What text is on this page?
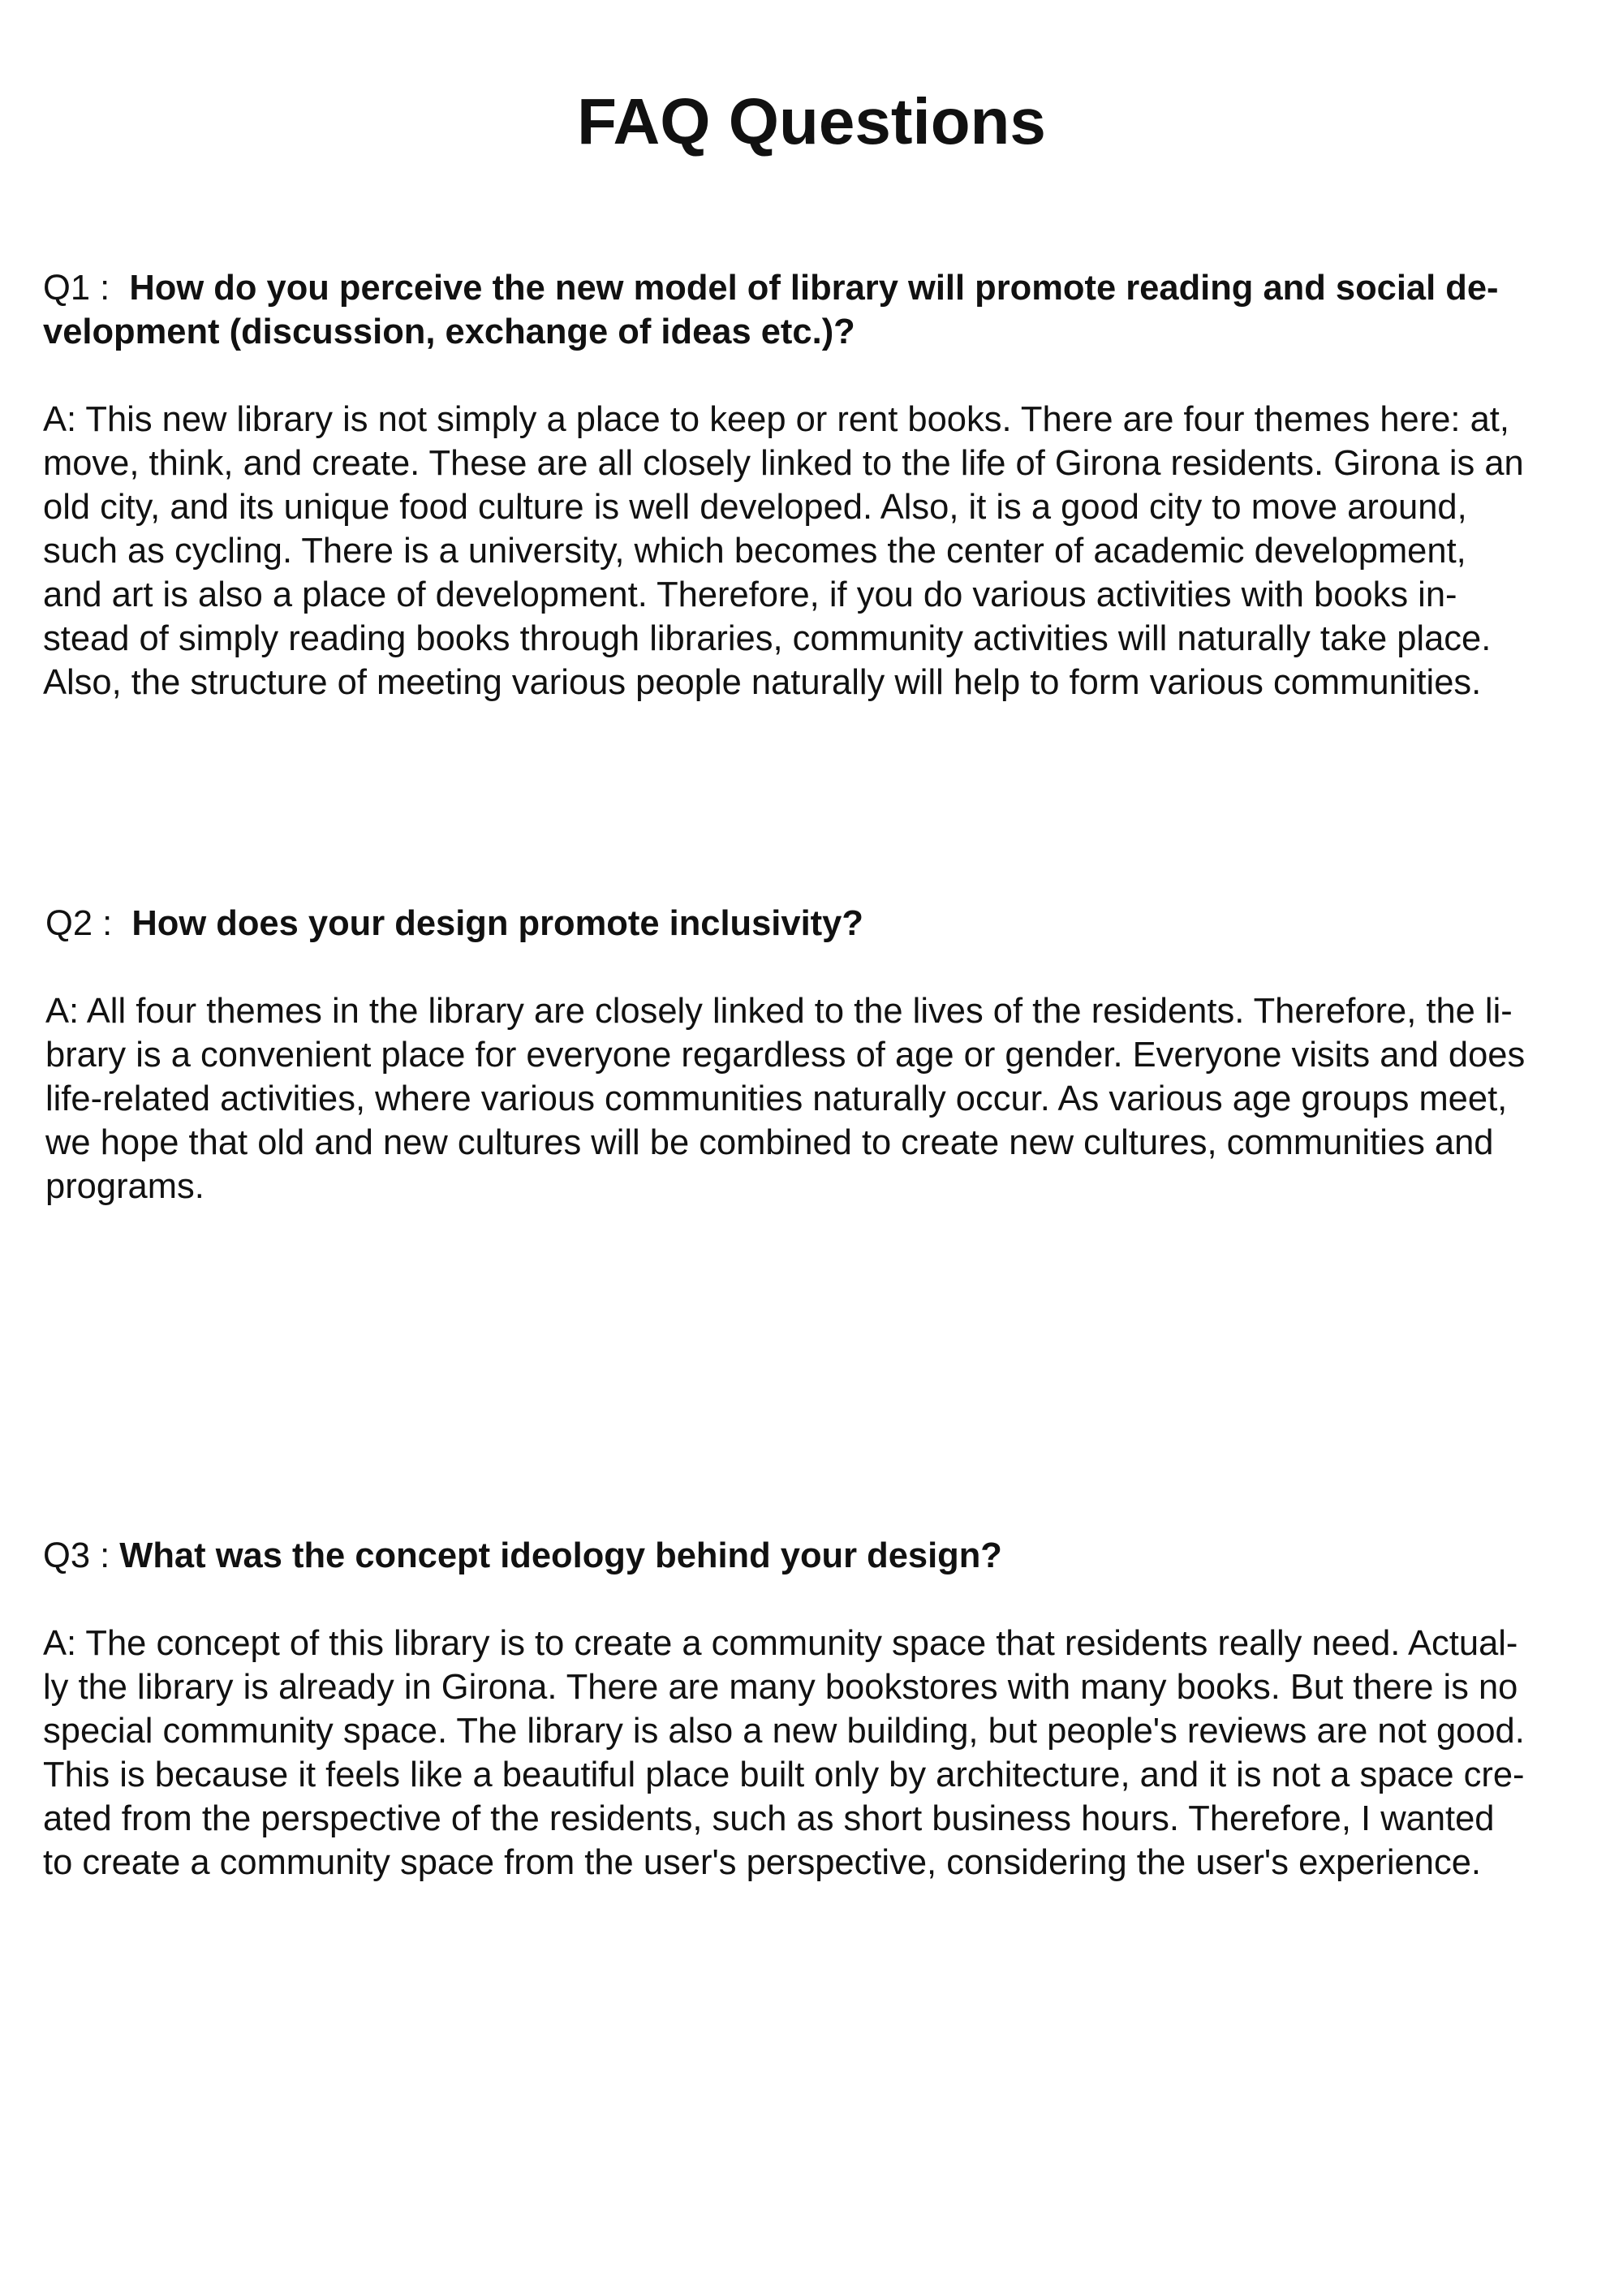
FAQ Questions

Q1 :  How do you perceive the new model of library will promote reading and social de-
velopment (discussion, exchange of ideas etc.)?

A: This new library is not simply a place to keep or rent books. There are four themes here: at,
move, think, and create. These are all closely linked to the life of Girona residents. Girona is an
old city, and its unique food culture is well developed. Also, it is a good city to move around,
such as cycling. There is a university, which becomes the center of academic development,
and art is also a place of development. Therefore, if you do various activities with books in-
stead of simply reading books through libraries, community activities will naturally take place.
Also, the structure of meeting various people naturally will help to form various communities.

Q2 :  How does your design promote inclusivity?

A: All four themes in the library are closely linked to the lives of the residents. Therefore, the li-
brary is a convenient place for everyone regardless of age or gender. Everyone visits and does
life-related activities, where various communities naturally occur. As various age groups meet,
we hope that old and new cultures will be combined to create new cultures, communities and
programs.

Q3 : What was the concept ideology behind your design?

A: The concept of this library is to create a community space that residents really need. Actual-
ly the library is already in Girona. There are many bookstores with many books. But there is no
special community space. The library is also a new building, but people's reviews are not good.
This is because it feels like a beautiful place built only by architecture, and it is not a space cre-
ated from the perspective of the residents, such as short business hours. Therefore, I wanted
to create a community space from the user's perspective, considering the user's experience.
